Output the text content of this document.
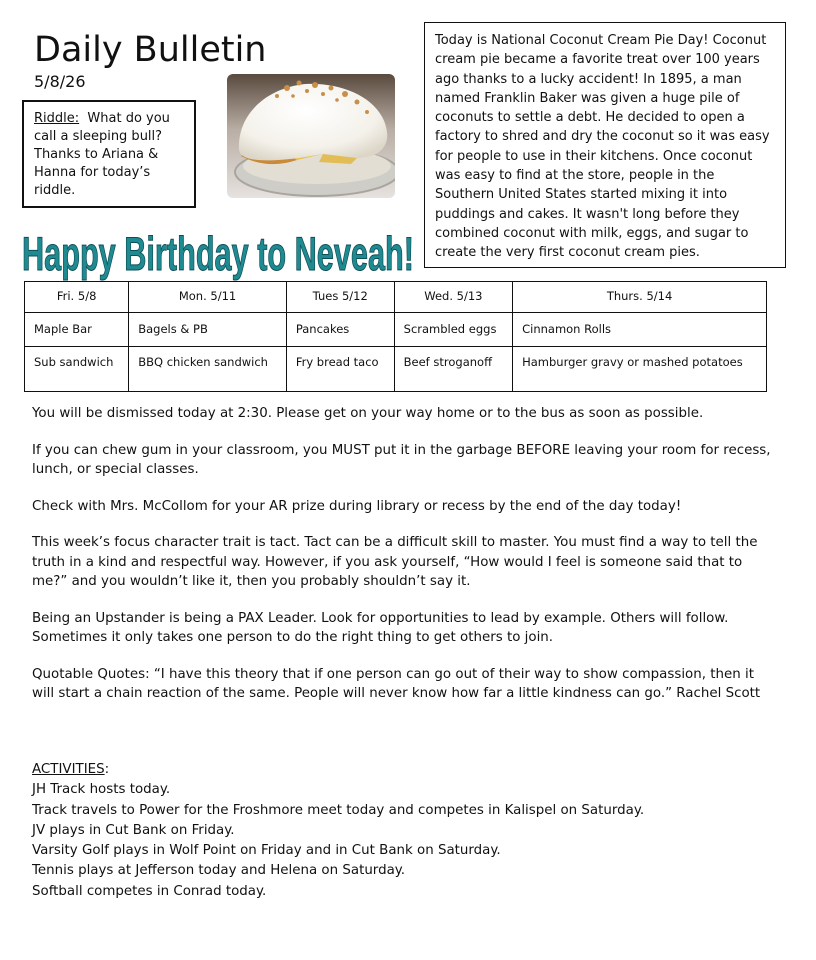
Daily Bulletin
5/8/26
Riddle: What do you call a sleeping bull? Thanks to Ariana & Hanna for today’s riddle.
Today is National Coconut Cream Pie Day! Coconut cream pie became a favorite treat over 100 years ago thanks to a lucky accident! In 1895, a man named Franklin Baker was given a huge pile of coconuts to settle a debt. He decided to open a factory to shred and dry the coconut so it was easy for people to use in their kitchens. Once coconut was easy to find at the store, people in the Southern United States started mixing it into puddings and cakes. It wasn't long before they combined coconut with milk, eggs, and sugar to create the very first coconut cream pies.
Happy Birthday to Neveah!
Fri. 5/8	Mon. 5/11	Tues 5/12	Wed. 5/13	Thurs. 5/14
Maple Bar	Bagels & PB	Pancakes	Scrambled eggs	Cinnamon Rolls
Sub sandwich	BBQ chicken sandwich	Fry bread taco	Beef stroganoff	Hamburger gravy or mashed potatoes

You will be dismissed today at 2:30. Please get on your way home or to the bus as soon as possible.

If you can chew gum in your classroom, you MUST put it in the garbage BEFORE leaving your room for recess, lunch, or special classes.

Check with Mrs. McCollom for your AR prize during library or recess by the end of the day today!

This week’s focus character trait is tact. Tact can be a difficult skill to master. You must find a way to tell the truth in a kind and respectful way. However, if you ask yourself, “How would I feel is someone said that to me?” and you wouldn’t like it, then you probably shouldn’t say it.

Being an Upstander is being a PAX Leader. Look for opportunities to lead by example. Others will follow. Sometimes it only takes one person to do the right thing to get others to join.

Quotable Quotes: “I have this theory that if one person can go out of their way to show compassion, then it will start a chain reaction of the same. People will never know how far a little kindness can go.” Rachel Scott

ACTIVITIES:
JH Track hosts today.
Track travels to Power for the Froshmore meet today and competes in Kalispel on Saturday.
JV plays in Cut Bank on Friday.
Varsity Golf plays in Wolf Point on Friday and in Cut Bank on Saturday.
Tennis plays at Jefferson today and Helena on Saturday.
Softball competes in Conrad today.
